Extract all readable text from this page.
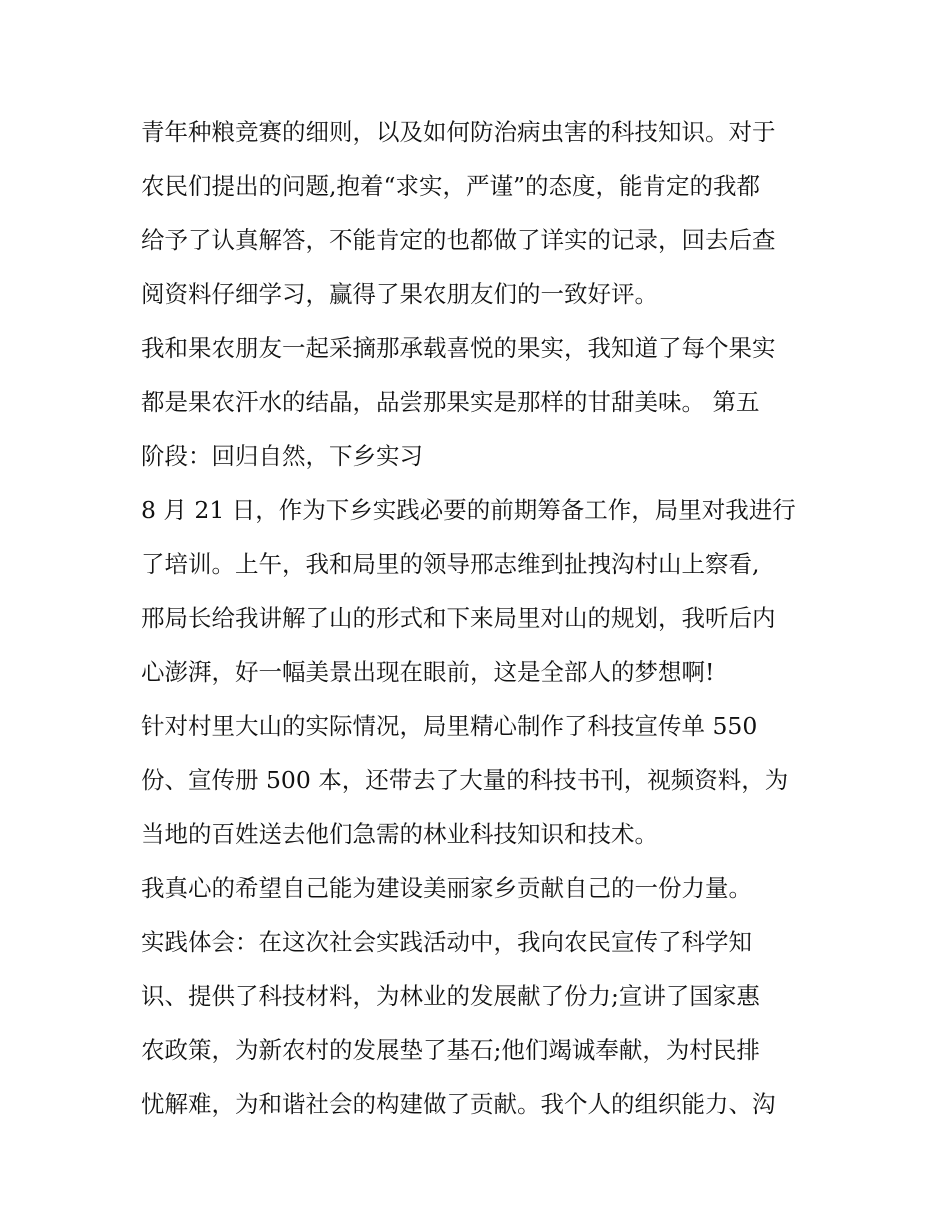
青年种粮竞赛的细则，以及如何防治病虫害的科技知识。对于
农民们提出的问题,抱着“求实，严谨”的态度，能肯定的我都
给予了认真解答，不能肯定的也都做了详实的记录，回去后查
阅资料仔细学习，赢得了果农朋友们的一致好评。
我和果农朋友一起采摘那承载喜悦的果实，我知道了每个果实
都是果农汗水的结晶，品尝那果实是那样的甘甜美味。 第五
阶段：回归自然，下乡实习
8 月 21 日，作为下乡实践必要的前期筹备工作，局里对我进行
了培训。上午，我和局里的领导邢志维到扯拽沟村山上察看,
邢局长给我讲解了山的形式和下来局里对山的规划，我听后内
心澎湃，好一幅美景出现在眼前，这是全部人的梦想啊!
针对村里大山的实际情况，局里精心制作了科技宣传单 550
份、宣传册 500 本，还带去了大量的科技书刊，视频资料，为
当地的百姓送去他们急需的林业科技知识和技术。
我真心的希望自己能为建设美丽家乡贡献自己的一份力量。
实践体会：在这次社会实践活动中，我向农民宣传了科学知
识、提供了科技材料，为林业的发展献了份力;宣讲了国家惠
农政策，为新农村的发展垫了基石;他们竭诚奉献，为村民排
忧解难，为和谐社会的构建做了贡献。我个人的组织能力、沟
